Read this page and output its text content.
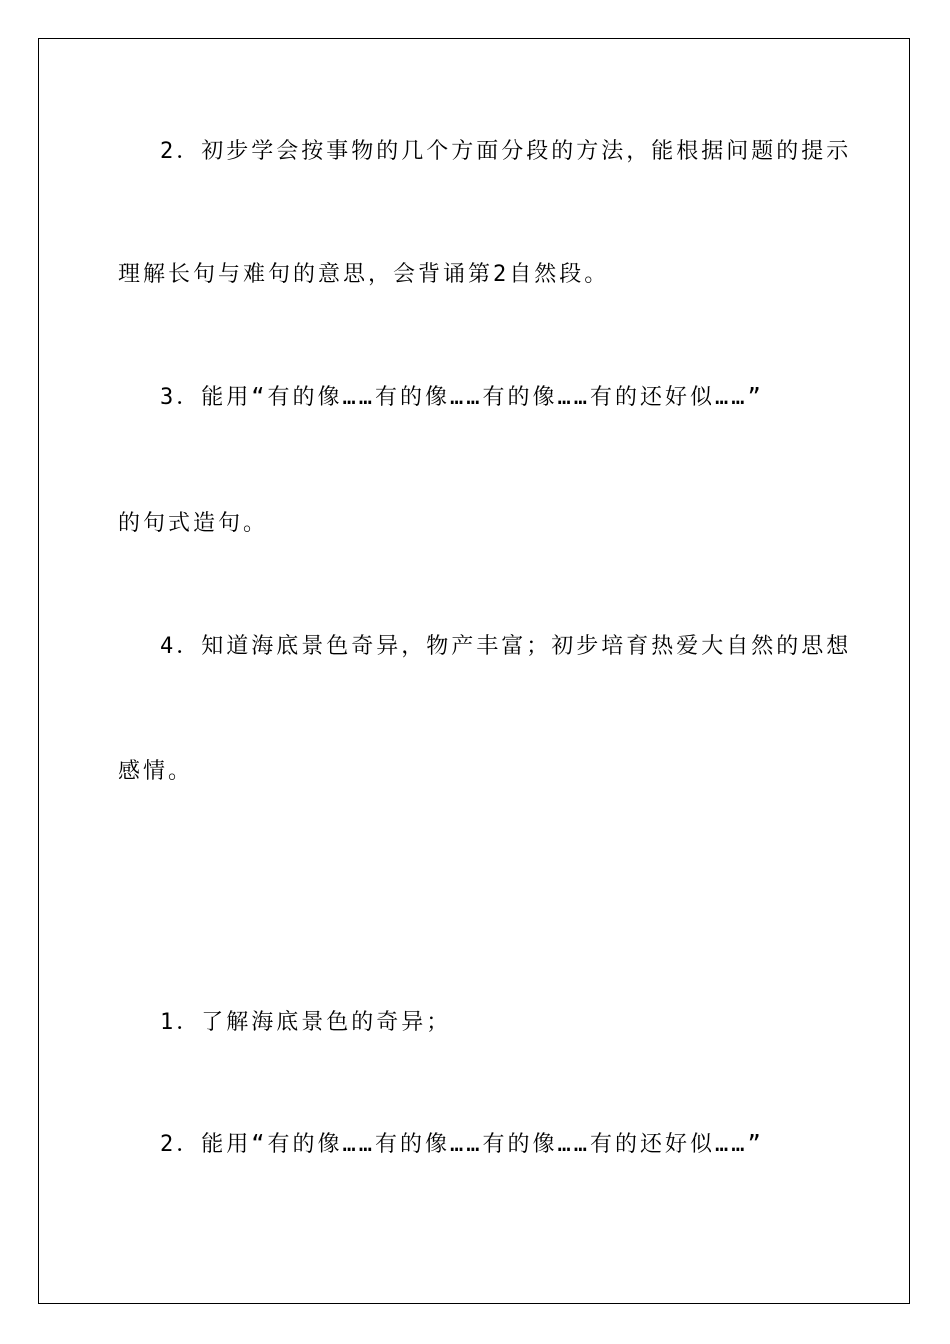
2．初步学会按事物的几个方面分段的方法，能根据问题的提示
理解长句与难句的意思，会背诵第2自然段。
3．能用“有的像……有的像……有的像……有的还好似……”
的句式造句。
4．知道海底景色奇异，物产丰富；初步培育热爱大自然的思想
感情。
1．了解海底景色的奇异；
2．能用“有的像……有的像……有的像……有的还好似……”
